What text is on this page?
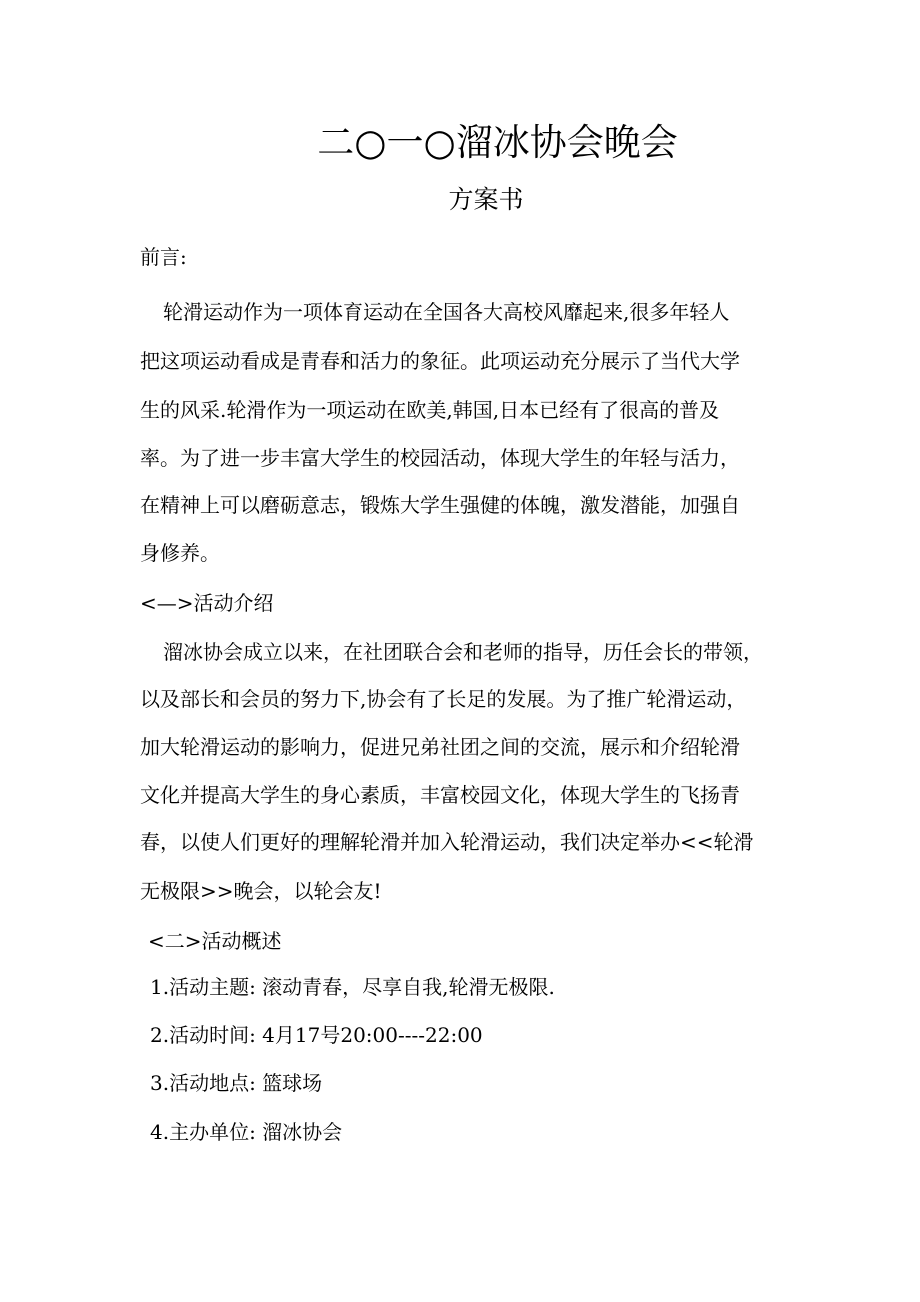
二○一○溜冰协会晚会
方案书
前言:
轮滑运动作为一项体育运动在全国各大高校风靡起来,很多年轻人
把这项运动看成是青春和活力的象征。此项运动充分展示了当代大学
生的风采.轮滑作为一项运动在欧美,韩国,日本已经有了很高的普及
率。为了进一步丰富大学生的校园活动，体现大学生的年轻与活力，
在精神上可以磨砺意志，锻炼大学生强健的体魄，激发潜能，加强自
身修养。
<—>活动介绍
溜冰协会成立以来，在社团联合会和老师的指导，历任会长的带领，
以及部长和会员的努力下,协会有了长足的发展。为了推广轮滑运动，
加大轮滑运动的影响力，促进兄弟社团之间的交流，展示和介绍轮滑
文化并提高大学生的身心素质，丰富校园文化，体现大学生的飞扬青
春，以使人们更好的理解轮滑并加入轮滑运动，我们决定举办<<轮滑
无极限>>晚会，以轮会友!
<二>活动概述
1.活动主题: 滚动青春，尽享自我,轮滑无极限.
2.活动时间: 4月17号20:00----22:00
3.活动地点: 篮球场
4.主办单位: 溜冰协会
